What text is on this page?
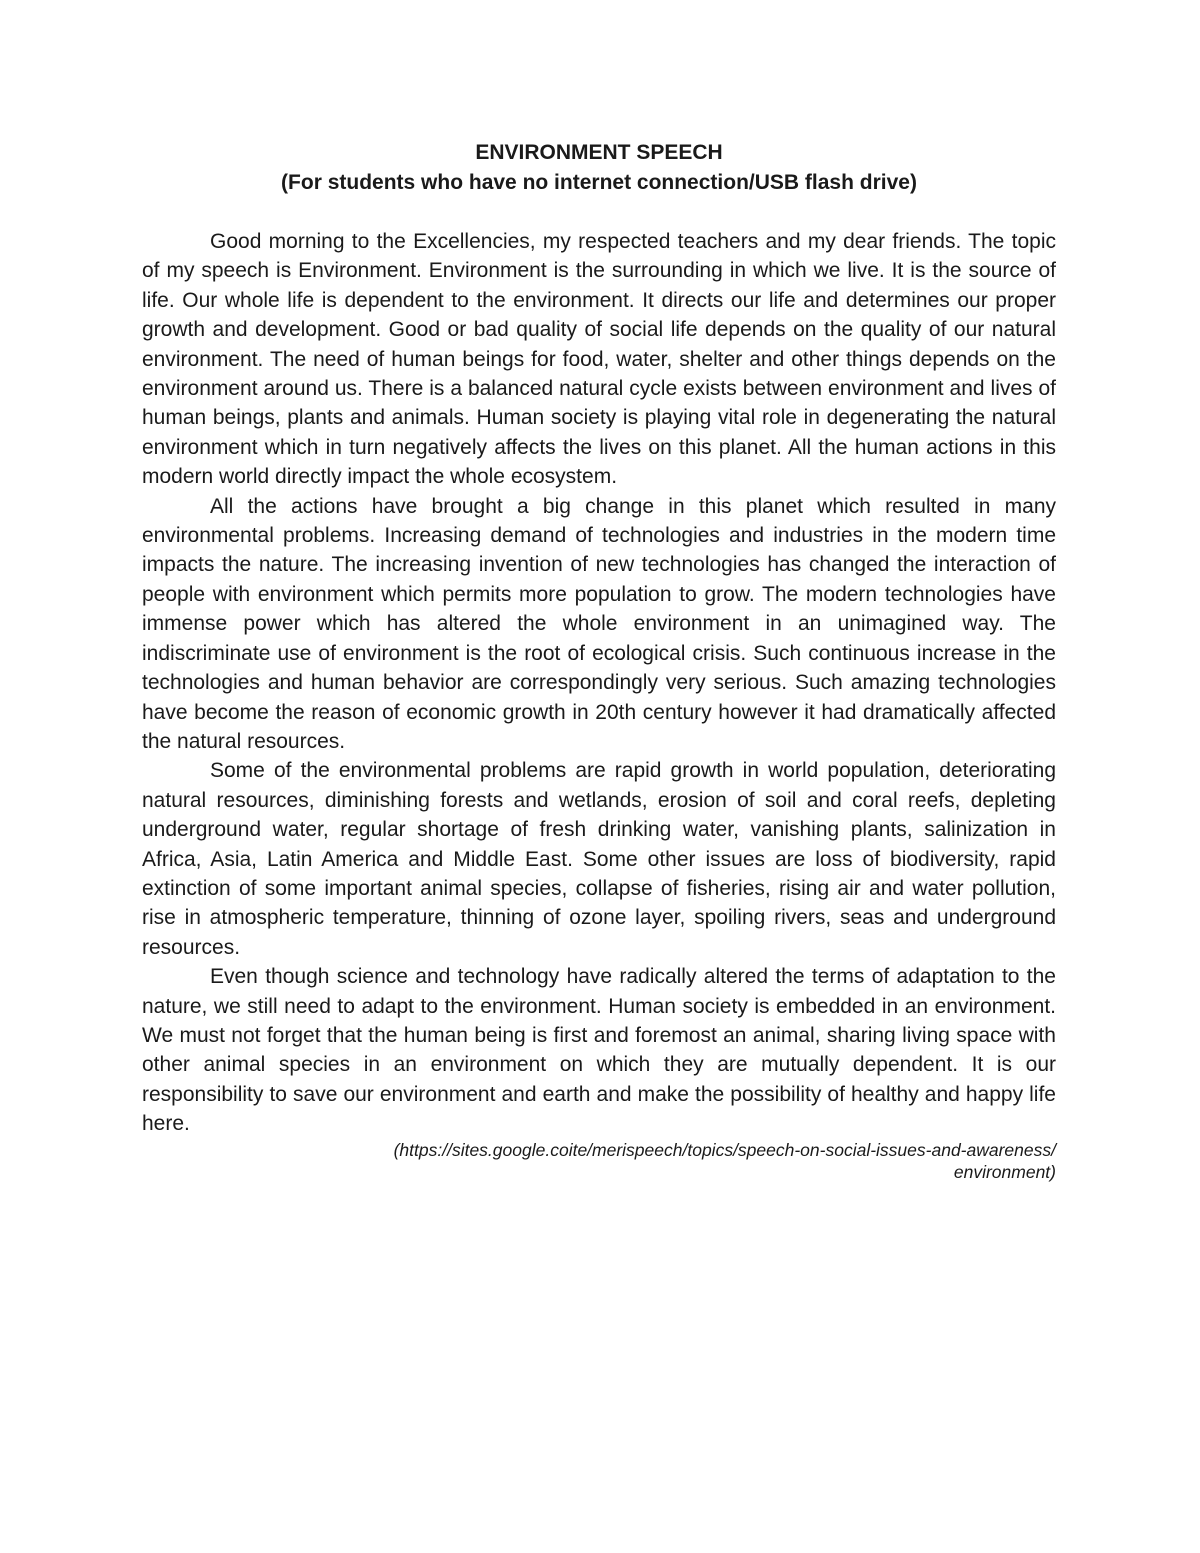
ENVIRONMENT SPEECH
(For students who have no internet connection/USB flash drive)

Good morning to the Excellencies, my respected teachers and my dear friends. The topic of my speech is Environment. Environment is the surrounding in which we live. It is the source of life. Our whole life is dependent to the environment. It directs our life and determines our proper growth and development. Good or bad quality of social life depends on the quality of our natural environment. The need of human beings for food, water, shelter and other things depends on the environment around us. There is a balanced natural cycle exists between environment and lives of human beings, plants and animals. Human society is playing vital role in degenerating the natural environment which in turn negatively affects the lives on this planet. All the human actions in this modern world directly impact the whole ecosystem.

All the actions have brought a big change in this planet which resulted in many environmental problems. Increasing demand of technologies and industries in the modern time impacts the nature. The increasing invention of new technologies has changed the interaction of people with environment which permits more population to grow. The modern technologies have immense power which has altered the whole environment in an unimagined way. The indiscriminate use of environment is the root of ecological crisis. Such continuous increase in the technologies and human behavior are correspondingly very serious. Such amazing technologies have become the reason of economic growth in 20th century however it had dramatically affected the natural resources.

Some of the environmental problems are rapid growth in world population, deteriorating natural resources, diminishing forests and wetlands, erosion of soil and coral reefs, depleting underground water, regular shortage of fresh drinking water, vanishing plants, salinization in Africa, Asia, Latin America and Middle East. Some other issues are loss of biodiversity, rapid extinction of some important animal species, collapse of fisheries, rising air and water pollution, rise in atmospheric temperature, thinning of ozone layer, spoiling rivers, seas and underground resources.

Even though science and technology have radically altered the terms of adaptation to the nature, we still need to adapt to the environment. Human society is embedded in an environment. We must not forget that the human being is first and foremost an animal, sharing living space with other animal species in an environment on which they are mutually dependent. It is our responsibility to save our environment and earth and make the possibility of healthy and happy life here.

(https://sites.google.coite/merispeech/topics/speech-on-social-issues-and-awareness/
environment)
